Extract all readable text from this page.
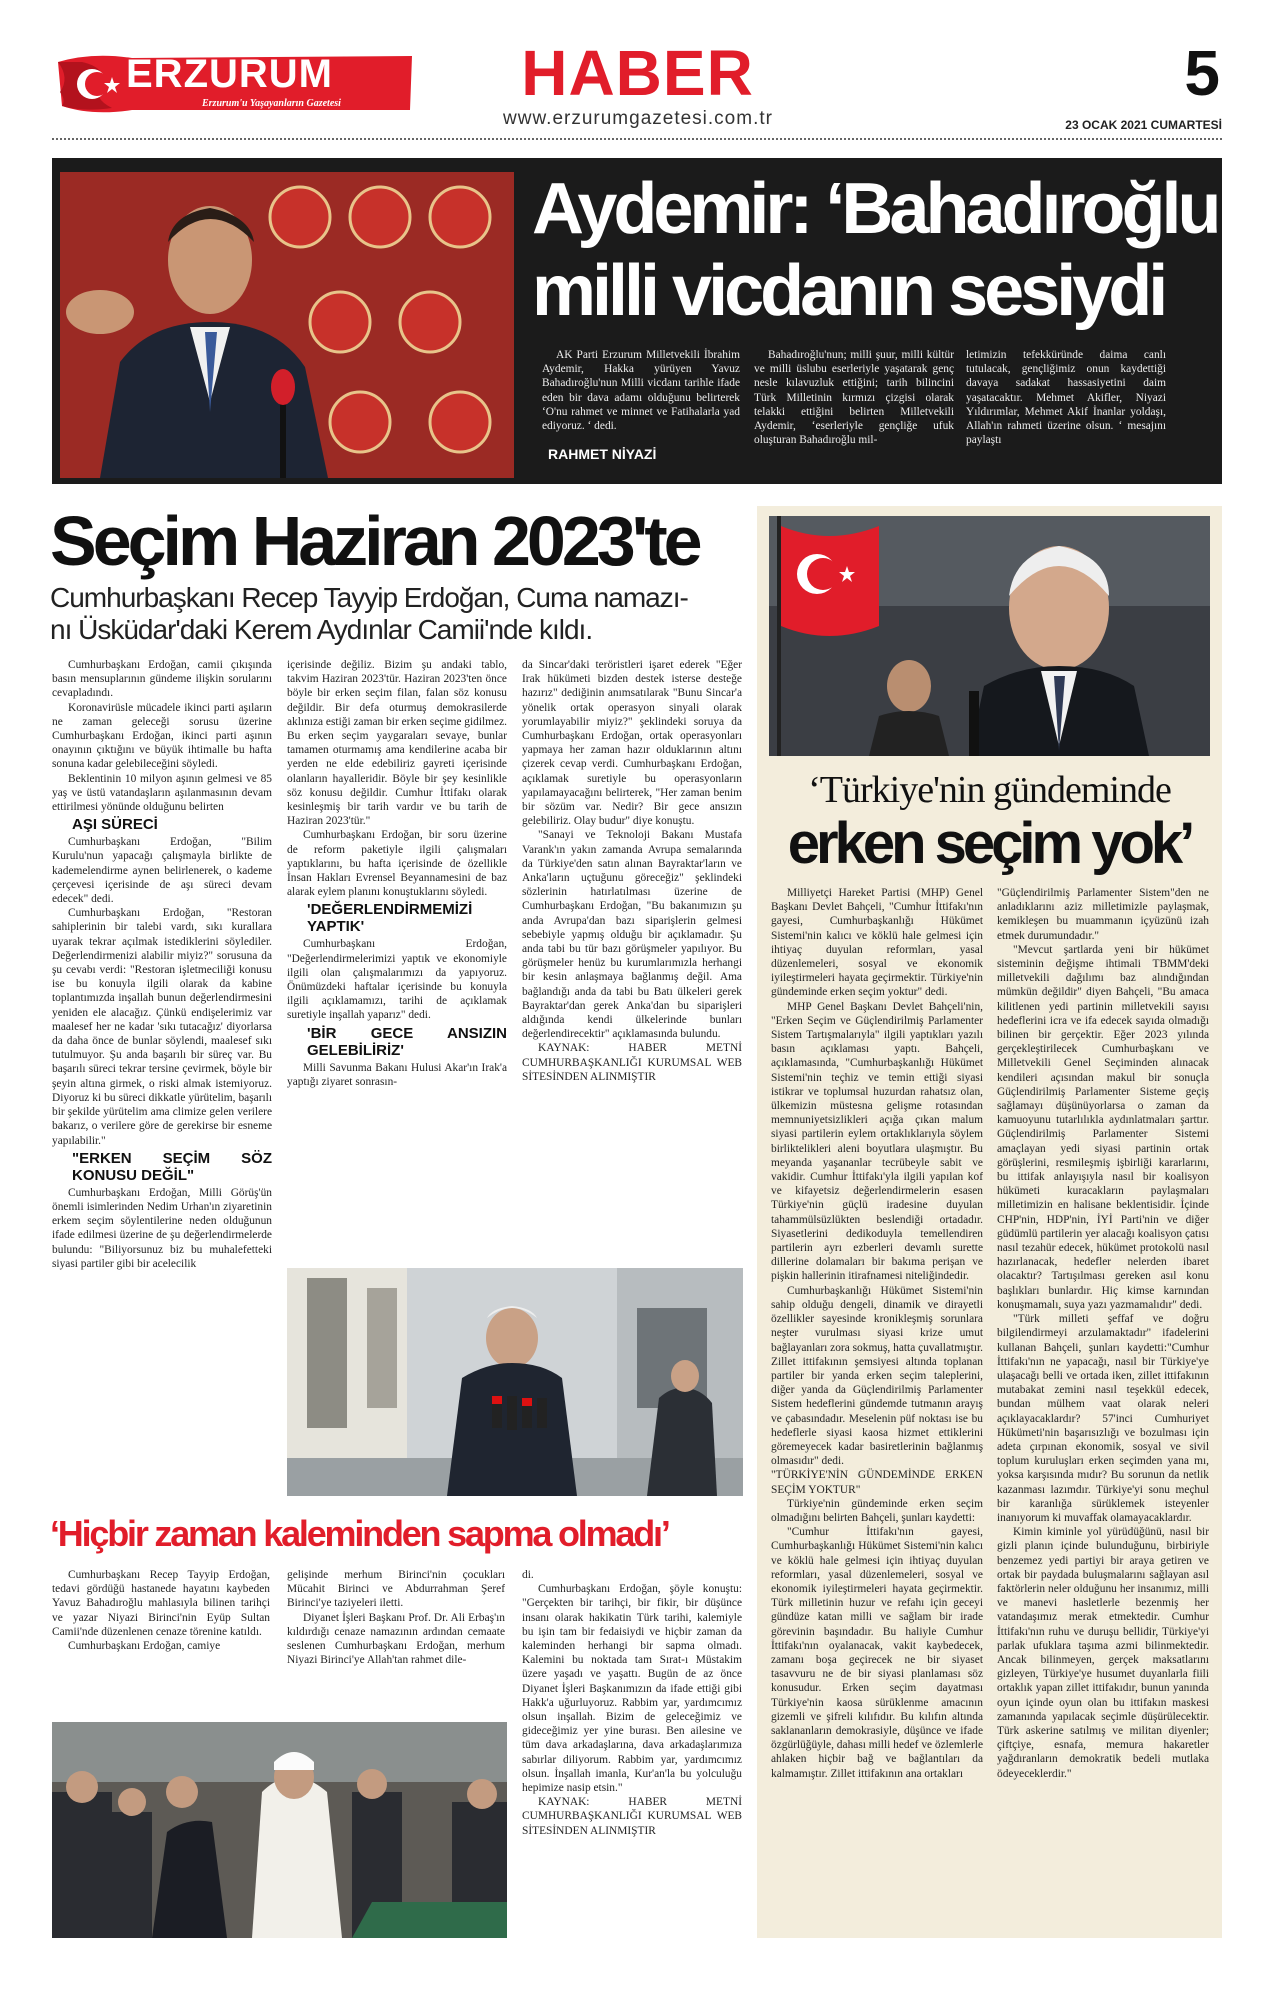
ERZURUM
Erzurum'u Yaşayanların Gazetesi	HABER
www.erzurumgazetesi.com.tr
5
23 OCAK 2021 CUMARTESİ
Aydemir: ‘Bahadıroğlu
milli vicdanın sesiydi
AK Parti Erzurum Milletvekili İbrahim Aydemir, Hakka yürüyen Yavuz Bahadıroğlu'nun Milli vicdanı tarihle ifade eden bir dava adamı olduğunu belirterek ‘O'nu rahmet ve minnet ve Fatihalarla yad ediyoruz. ‘ dedi.
RAHMET NİYAZİ
Bahadıroğlu'nun; milli şuur, milli kültür ve milli üslubu eserleriyle yaşatarak genç nesle kılavuzluk ettiğini; tarih bilincini Türk Milletinin kırmızı çizgisi olarak telakki ettiğini belirten Milletvekili Aydemir, ‘eserleriyle gençliğe ufuk oluşturan Bahadıroğlu mil-
letimizin tefekküründe daima canlı tutulacak, gençliğimiz onun kaydettiği davaya sadakat hassasiyetini daim yaşatacaktır. Mehmet Akifler, Niyazi Yıldırımlar, Mehmet Akif İnanlar yoldaşı, Allah'ın rahmeti üzerine olsun. ‘ mesajını paylaştı
Seçim Haziran 2023'te
Cumhurbaşkanı Recep Tayyip Erdoğan, Cuma namazı-
nı Üsküdar'daki Kerem Aydınlar Camii'nde kıldı.

Cumhurbaşkanı Erdoğan, camii çıkışında basın mensuplarının gündeme ilişkin sorularını cevapladındı.

Koronavirüsle mücadele ikinci parti aşıların ne zaman geleceği sorusu üzerine Cumhurbaşkanı Erdoğan, ikinci parti aşının onayının çıktığını ve büyük ihtimalle bu hafta sonuna kadar gelebileceğini söyledi.

Beklentinin 10 milyon aşının gelmesi ve 85 yaş ve üstü vatandaşların aşılanmasının devam ettirilmesi yönünde olduğunu belirten

AŞI SÜRECİ

Cumhurbaşkanı Erdoğan, "Bilim Kurulu'nun yapacağı çalışmayla birlikte de kademelendirme aynen belirlenerek, o kademe çerçevesi içerisinde de aşı süreci devam edecek" dedi.

Cumhurbaşkanı Erdoğan, "Restoran sahiplerinin bir talebi vardı, sıkı kurallara uyarak tekrar açılmak istediklerini söylediler. Değerlendirmenizi alabilir miyiz?" sorusuna da şu cevabı verdi: "Restoran işletmeciliği konusu ise bu konuyla ilgili olarak da kabine toplantımızda inşallah bunun değerlendirmesini yeniden ele alacağız. Çünkü endişelerimiz var maalesef her ne kadar 'sıkı tutacağız' diyorlarsa da daha önce de bunlar söylendi, maalesef sıkı tutulmuyor. Şu anda başarılı bir süreç var. Bu başarılı süreci tekrar tersine çevirmek, böyle bir şeyin altına girmek, o riski almak istemiyoruz. Diyoruz ki bu süreci dikkatle yürütelim, başarılı bir şekilde yürütelim ama climize gelen verilere bakarız, o verilere göre de gerekirse bir esneme yapılabilir."

"ERKEN SEÇİM SÖZ KONUSU DEĞİL"

Cumhurbaşkanı Erdoğan, Milli Görüş'ün önemli isimlerinden Nedim Urhan'ın ziyaretinin erkem seçim söylentilerine neden olduğunun ifade edilmesi üzerine de şu değerlendirmelerde bulundu: "Biliyorsunuz biz bu muhalefetteki siyasi partiler gibi bir acelecilik

içerisinde değiliz. Bizim şu andaki tablo, takvim Haziran 2023'tür. Haziran 2023'ten önce böyle bir erken seçim filan, falan söz konusu değildir. Bir defa oturmuş demokrasilerde aklınıza estiği zaman bir erken seçime gidilmez. Bu erken seçim yaygaraları sevaye, bunlar tamamen oturmamış ama kendilerine acaba bir yerden ne elde edebiliriz gayreti içerisinde olanların hayalleridir. Böyle bir şey kesinlikle söz konusu değildir. Cumhur İttifakı olarak kesinleşmiş bir tarih vardır ve bu tarih de Haziran 2023'tür."

Cumhurbaşkanı Erdoğan, bir soru üzerine de reform paketiyle ilgili çalışmaları yaptıklarını, bu hafta içerisinde de özellikle İnsan Hakları Evrensel Beyannamesini de baz alarak eylem planını konuştuklarını söyledi.

'DEĞERLENDİRMEMİZİ YAPTIK'

Cumhurbaşkanı Erdoğan, "Değerlendirmelerimizi yaptık ve ekonomiyle ilgili olan çalışmalarımızı da yapıyoruz. Önümüzdeki haftalar içerisinde bu konuyla ilgili açıklamamızı, tarihi de açıklamak suretiyle inşallah yaparız" dedi.

'BİR GECE ANSIZIN GELEBİLİRİZ'

Milli Savunma Bakanı Hulusi Akar'ın Irak'a yaptığı ziyaret sonrasın-

da Sincar'daki teröristleri işaret ederek "Eğer Irak hükümeti bizden destek isterse desteğe hazırız" dediğinin anımsatılarak "Bunu Sincar'a yönelik ortak operasyon sinyali olarak yorumlayabilir miyiz?" şeklindeki soruya da Cumhurbaşkanı Erdoğan, ortak operasyonları yapmaya her zaman hazır olduklarının altını çizerek cevap verdi. Cumhurbaşkanı Erdoğan, açıklamak suretiyle bu operasyonların yapılamayacağını belirterek, "Her zaman benim bir sözüm var. Nedir? Bir gece ansızın gelebiliriz. Olay budur" diye konuştu.

"Sanayi ve Teknoloji Bakanı Mustafa Varank'ın yakın zamanda Avrupa semalarında da Türkiye'den satın alınan Bayraktar'ların ve Anka'ların uçtuğunu göreceğiz" şeklindeki sözlerinin hatırlatılması üzerine de Cumhurbaşkanı Erdoğan, "Bu bakanımızın şu anda Avrupa'dan bazı siparişlerin gelmesi sebebiyle yapmış olduğu bir açıklamadır. Şu anda tabi bu tür bazı görüşmeler yapılıyor. Bu görüşmeler henüz bu kurumlarımızla herhangi bir kesin anlaşmaya bağlanmış değil. Ama bağlandığı anda da tabi bu Batı ülkeleri gerek Bayraktar'dan gerek Anka'dan bu siparişleri aldığında kendi ülkelerinde bunları değerlendirecektir" açıklamasında bulundu.

KAYNAK: HABER METNİ CUMHURBAŞKANLIĞI KURUMSAL WEB SİTESİNDEN ALINMIŞTIR

‘Türkiye'nin gündeminde
erken seçim yok’

Milliyetçi Hareket Partisi (MHP) Genel Başkanı Devlet Bahçeli, "Cumhur İttifakı'nın gayesi, Cumhurbaşkanlığı Hükümet Sistemi'nin kalıcı ve köklü hale gelmesi için ihtiyaç duyulan reformları, yasal düzenlemeleri, sosyal ve ekonomik iyileştirmeleri hayata geçirmektir. Türkiye'nin gündeminde erken seçim yoktur" dedi.

MHP Genel Başkanı Devlet Bahçeli'nin, "Erken Seçim ve Güçlendirilmiş Parlamenter Sistem Tartışmalarıyla" ilgili yaptıkları yazılı basın açıklaması yaptı. Bahçeli, açıklamasında, "Cumhurbaşkanlığı Hükümet Sistemi'nin teçhiz ve temin ettiği siyasi istikrar ve toplumsal huzurdan rahatsız olan, ülkemizin müstesna gelişme rotasından memnuniyetsizlikleri açığa çıkan malum siyasi partilerin eylem ortaklıklarıyla söylem birliktelikleri aleni boyutlara ulaşmıştır. Bu meyanda yaşananlar tecrübeyle sabit ve vakidir. Cumhur İttifakı'yla ilgili yapılan kof ve kifayetsiz değerlendirmelerin esasen Türkiye'nin güçlü iradesine duyulan tahammülsüzlükten beslendiği ortadadır. Siyasetlerini dedikoduyla temellendiren partilerin ayrı ezberleri devamlı surette dillerine dolamaları bir bakıma perişan ve pişkin hallerinin itirafnamesi niteliğindedir.

Cumhurbaşkanlığı Hükümet Sistemi'nin sahip olduğu dengeli, dinamik ve dirayetli özellikler sayesinde kronikleşmiş sorunlara neşter vurulması siyasi krize umut bağlayanları zora sokmuş, hatta çuvallatmıştır. Zillet ittifakının şemsiyesi altında toplanan partiler bir yanda erken seçim taleplerini, diğer yanda da Güçlendirilmiş Parlamenter Sistem hedeflerini gündemde tutmanın arayış ve çabasındadır. Meselenin püf noktası ise bu hedeflerle siyasi kaosa hizmet ettiklerini göremeyecek kadar basiretlerinin bağlanmış olmasıdır" dedi.

"TÜRKİYE'NİN GÜNDEMİNDE ERKEN SEÇİM YOKTUR"

Türkiye'nin gündeminde erken seçim olmadığını belirten Bahçeli, şunları kaydetti:

"Cumhur İttifakı'nın gayesi, Cumhurbaşkanlığı Hükümet Sistemi'nin kalıcı ve köklü hale gelmesi için ihtiyaç duyulan reformları, yasal düzenlemeleri, sosyal ve ekonomik iyileştirmeleri hayata geçirmektir. Türk milletinin huzur ve refahı için geceyi gündüze katan milli ve sağlam bir irade görevinin başındadır. Bu haliyle Cumhur İttifakı'nın oyalanacak, vakit kaybedecek, zamanı boşa geçirecek ne bir siyaset tasavvuru ne de bir siyasi planlaması söz konusudur. Erken seçim dayatması Türkiye'nin kaosa sürüklenme amacının gizemli ve şifreli kılıfıdır. Bu kılıfın altında saklananların demokrasiyle, düşünce ve ifade özgürlüğüyle, dahası milli hedef ve özlemlerle ahlaken hiçbir bağ ve bağlantıları da kalmamıştır. Zillet ittifakının ana ortakları

"Güçlendirilmiş Parlamenter Sistem"den ne anladıklarını aziz milletimizle paylaşmak, kemikleşen bu muammanın içyüzünü izah etmek durumundadır."

"Mevcut şartlarda yeni bir hükümet sisteminin değişme ihtimali TBMM'deki milletvekili dağılımı baz alındığından mümkün değildir" diyen Bahçeli, "Bu amaca kilitlenen yedi partinin milletvekili sayısı hedeflerini icra ve ifa edecek sayıda olmadığı bilinen bir gerçektir. Eğer 2023 yılında gerçekleştirilecek Cumhurbaşkanı ve Milletvekili Genel Seçiminden alınacak kendileri açısından makul bir sonuçla Güçlendirilmiş Parlamenter Sisteme geçiş sağlamayı düşünüyorlarsa o zaman da kamuoyunu tutarlılıkla aydınlatmaları şarttır. Güçlendirilmiş Parlamenter Sistemi amaçlayan yedi siyasi partinin ortak görüşlerini, resmileşmiş işbirliği kararlarını, bu ittifak anlayışıyla nasıl bir koalisyon hükümeti kuracakların paylaşmaları milletimizin en halisane beklentisidir. İçinde CHP'nin, HDP'nin, İYİ Parti'nin ve diğer güdümlü partilerin yer alacağı koalisyon çatısı nasıl tezahür edecek, hükümet protokolü nasıl hazırlanacak, hedefler nelerden ibaret olacaktır? Tartışılması gereken asıl konu başlıkları bunlardır. Hiç kimse karnından konuşmamalı, suya yazı yazmamalıdır" dedi.

"Türk milleti şeffaf ve doğru bilgilendirmeyi arzulamaktadır" ifadelerini kullanan Bahçeli, şunları kaydetti:"Cumhur İttifakı'nın ne yapacağı, nasıl bir Türkiye'ye ulaşacağı belli ve ortada iken, zillet ittifakının mutabakat zemini nasıl teşekkül edecek, bundan mülhem vaat olarak neleri açıklayacaklardır? 57'inci Cumhuriyet Hükümeti'nin başarısızlığı ve bozulması için adeta çırpınan ekonomik, sosyal ve sivil toplum kuruluşları erken seçimden yana mı, yoksa karşısında mıdır? Bu sorunun da netlik kazanması lazımdır. Türkiye'yi sonu meçhul bir karanlığa sürüklemek isteyenler inanıyorum ki muvaffak olamayacaklardır.

Kimin kiminle yol yürüdüğünü, nasıl bir gizli planın içinde bulunduğunu, birbiriyle benzemez yedi partiyi bir araya getiren ve ortak bir paydada buluşmalarını sağlayan asıl faktörlerin neler olduğunu her insanımız, milli ve manevi hasletlerle bezenmiş her vatandaşımız merak etmektedir. Cumhur İttifakı'nın ruhu ve duruşu bellidir, Türkiye'yi parlak ufuklara taşıma azmi bilinmektedir. Ancak bilinmeyen, gerçek maksatlarını gizleyen, Türkiye'ye husumet duyanlarla fiili ortaklık yapan zillet ittifakıdır, bunun yanında oyun içinde oyun olan bu ittifakın maskesi zamanında yapılacak seçimle düşürülecektir. Türk askerine satılmış ve militan diyenler; çiftçiye, esnafa, memura hakaretler yağdıranların demokratik bedeli mutlaka ödeyeceklerdir."

‘Hiçbir zaman kaleminden sapma olmadı’

Cumhurbaşkanı Recep Tayyip Erdoğan, tedavi gördüğü hastanede hayatını kaybeden Yavuz Bahadıroğlu mahlasıyla bilinen tarihçi ve yazar Niyazi Birinci'nin Eyüp Sultan Camii'nde düzenlenen cenaze törenine katıldı.

Cumhurbaşkanı Erdoğan, camiye

gelişinde merhum Birinci'nin çocukları Mücahit Birinci ve Abdurrahman Şeref Birinci'ye taziyeleri iletti.

Diyanet İşleri Başkanı Prof. Dr. Ali Erbaş'ın kıldırdığı cenaze namazının ardından cemaate seslenen Cumhurbaşkanı Erdoğan, merhum Niyazi Birinci'ye Allah'tan rahmet dile-

di.

Cumhurbaşkanı Erdoğan, şöyle konuştu: "Gerçekten bir tarihçi, bir fikir, bir düşünce insanı olarak hakikatin Türk tarihi, kalemiyle bu işin tam bir fedaisiydi ve hiçbir zaman da kaleminden herhangi bir sapma olmadı. Kalemini bu noktada tam Sırat-ı Müstakim üzere yaşadı ve yaşattı. Bugün de az önce Diyanet İşleri Başkanımızın da ifade ettiği gibi Hakk'a uğurluyoruz. Rabbim yar, yardımcımız olsun inşallah. Bizim de geleceğimiz ve gideceğimiz yer yine burası. Ben ailesine ve tüm dava arkadaşlarına, dava arkadaşlarımıza sabırlar diliyorum. Rabbim yar, yardımcımız olsun. İnşallah imanla, Kur'an'la bu yolculuğu hepimize nasip etsin."

KAYNAK: HABER METNİ CUMHURBAŞKANLIĞI KURUMSAL WEB SİTESİNDEN ALINMIŞTIR
